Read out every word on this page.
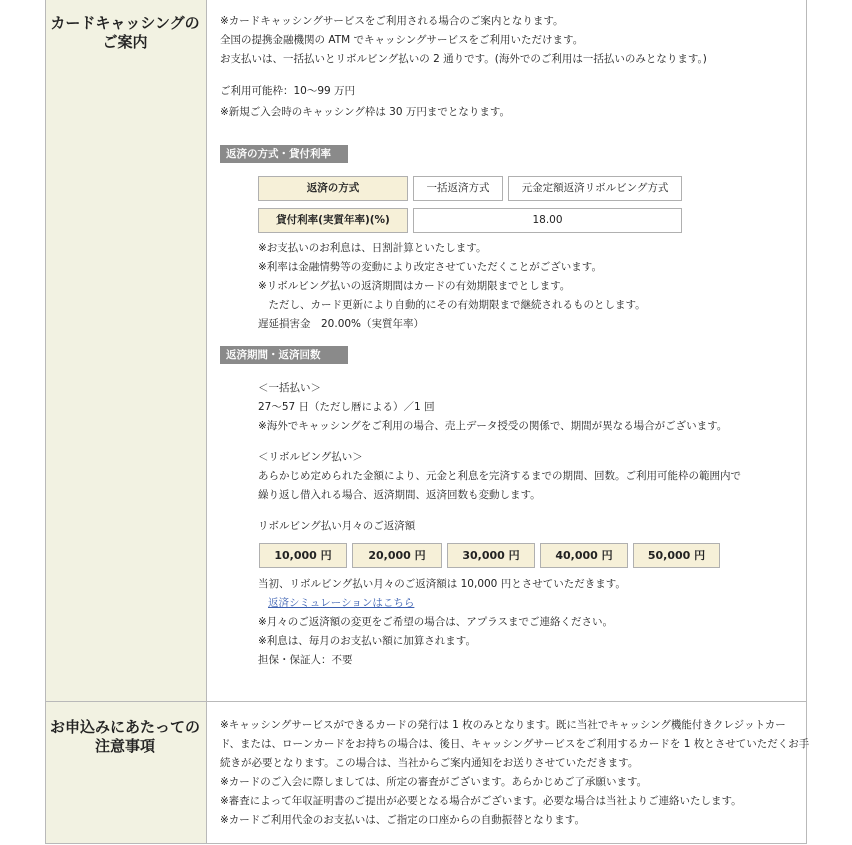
カードキャッシングの
ご案内
※カードキャッシングサービスをご利用される場合のご案内となります。
全国の提携金融機関の ATM でキャッシングサービスをご利用いただけます。
お支払いは、一括払いとリボルビング払いの 2 通りです。(海外でのご利用は一括払いのみとなります。)
ご利用可能枠：10〜99 万円
※新規ご入会時のキャッシング枠は 30 万円までとなります。
返済の方式・貸付利率
返済の方式	一括返済方式	元金定額返済リボルビング方式
貸付利率(実質年率)(%)	18.00
※お支払いのお利息は、日割計算といたします。
※利率は金融情勢等の変動により改定させていただくことがございます。
※リボルビング払いの返済期間はカードの有効期限までとします。
　ただし、カード更新により自動的にその有効期限まで継続されるものとします。
遅延損害金　20.00%（実質年率）
返済期間・返済回数
＜一括払い＞
27〜57 日（ただし暦による）／1 回
※海外でキャッシングをご利用の場合、売上データ授受の関係で、期間が異なる場合がございます。
＜リボルビング払い＞
あらかじめ定められた金額により、元金と利息を完済するまでの期間、回数。ご利用可能枠の範囲内で
繰り返し借入れる場合、返済期間、返済回数も変動します。
リボルビング払い月々のご返済額
10,000 円	20,000 円	30,000 円	40,000 円	50,000 円
当初、リボルビング払い月々のご返済額は 10,000 円とさせていただきます。
返済シミュレーションはこちら
※月々のご返済額の変更をご希望の場合は、アプラスまでご連絡ください。
※利息は、毎月のお支払い額に加算されます。
担保・保証人：不要
お申込みにあたっての
注意事項
※キャッシングサービスができるカードの発行は 1 枚のみとなります。既に当社でキャッシング機能付きクレジットカー
ド、または、ローンカードをお持ちの場合は、後日、キャッシングサービスをご利用するカードを 1 枚とさせていただくお手
続きが必要となります。この場合は、当社からご案内通知をお送りさせていただきます。
※カードのご入会に際しましては、所定の審査がございます。あらかじめご了承願います。
※審査によって年収証明書のご提出が必要となる場合がございます。必要な場合は当社よりご連絡いたします。
※カードご利用代金のお支払いは、ご指定の口座からの自動振替となります。
